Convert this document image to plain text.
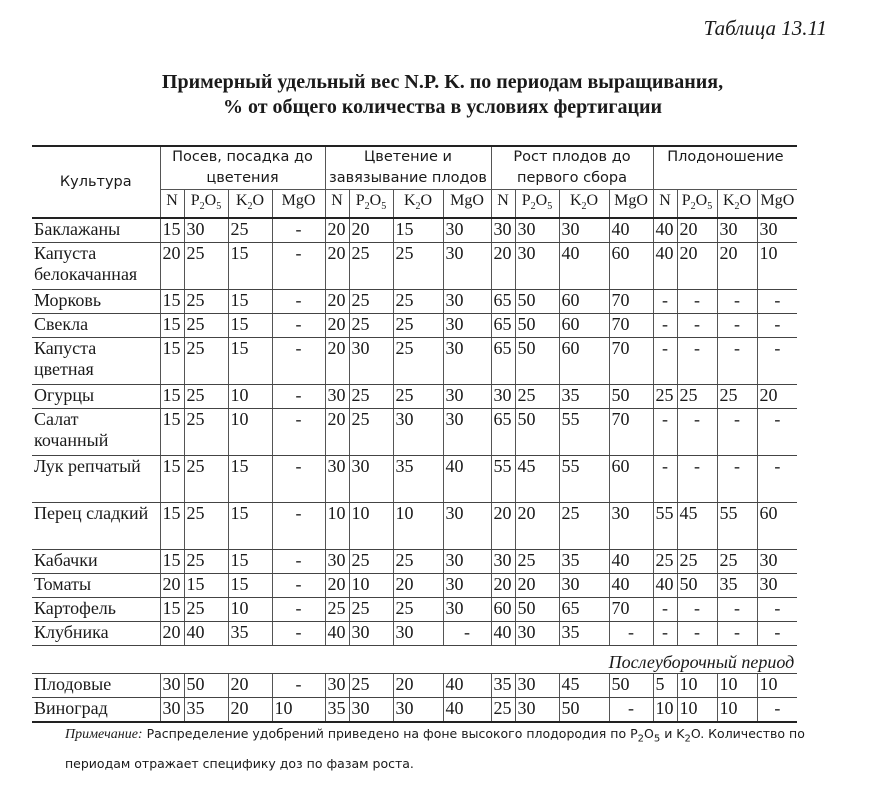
Таблица 13.11
Примерный удельный вес N.P. K. по периодам выращивания,
% от общего количества в условиях фертигации
Культура	Посев, посадка до цветения				Цветение и завязывание плодов				Рост плодов до первого сбора				Плодоношение			
	N	$P_2O_5$	$K_2O$	MgO	N	$P_2O_5$	$K_2O$	MgO	N	$P_2O_5$	$K_2O$	MgO	N	$P_2O_5$	$K_2O$	MgO
Баклажаны	15	30	25	-	20	20	15	30	30	30	30	40	40	20	30	30
Капуста белокачанная	20	25	15	-	20	25	25	30	20	30	40	60	40	20	20	10
Морковь	15	25	15	-	20	25	25	30	65	50	60	70	-	-	-	-
Свекла	15	25	15	-	20	25	25	30	65	50	60	70	-	-	-	-
Капуста цветная	15	25	15	-	20	30	25	30	65	50	60	70	-	-	-	-
Огурцы	15	25	10	-	30	25	25	30	30	25	35	50	25	25	25	20
Салат кочанный	15	25	10	-	20	25	30	30	65	50	55	70	-	-	-	-
Лук репчатый	15	25	15	-	30	30	35	40	55	45	55	60	-	-	-	-
Перец сладкий	15	25	15	-	10	10	10	30	20	20	25	30	55	45	55	60
Кабачки	15	25	15	-	30	25	25	30	30	25	35	40	25	25	25	30
Томаты	20	15	15	-	20	10	20	30	20	20	30	40	40	50	35	30
Картофель	15	25	10	-	25	25	25	30	60	50	65	70	-	-	-	-
Клубника	20	40	35	-	40	30	30	-	40	30	35	-	-	-	-	-
Послеуборочный период																
Плодовые	30	50	20	-	30	25	20	40	35	30	45	50	5	10	10	10
Виноград	30	35	20	10	35	30	30	40	25	30	50	-	10	10	10	-
Примечание: Распределение удобрений приведено на фоне высокого плодородия по $P_2O_5$ и $K_2O$. Количество по периодам отражает специфику доз по фазам роста.
